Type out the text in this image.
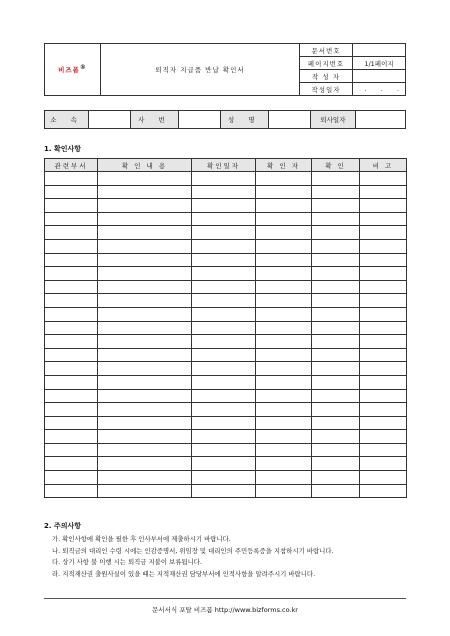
비즈폼®	퇴직자 지급품 반납 확인서	문서번호	
		페이지번호	1/1페이지
		작 성 자	
		작성일자	. . .
소 속		사 번		성 명		퇴사일자	
1. 확인사항
관련부서	확 인 내 용	확인일자	확 인 자	확 인	비 고

2. 주의사항
가. 확인사항에 확인을 필한 후 인사부서에 제출하시기 바랍니다.
나. 퇴직금의 대리인 수령 시에는 인감증명서, 위임장 및 대리인의 주민등록증을 지참하시기 바랍니다.
다. 상기 사항 불 이행 시는 퇴직금 지불이 보류됩니다.
라. 지적재산권 출원사실이 있을 때는 지적재산권 담당부서에 인적사항을 알려주시기 바랍니다.
문서서식 포탈 비즈폼 http://www.bizforms.co.kr
